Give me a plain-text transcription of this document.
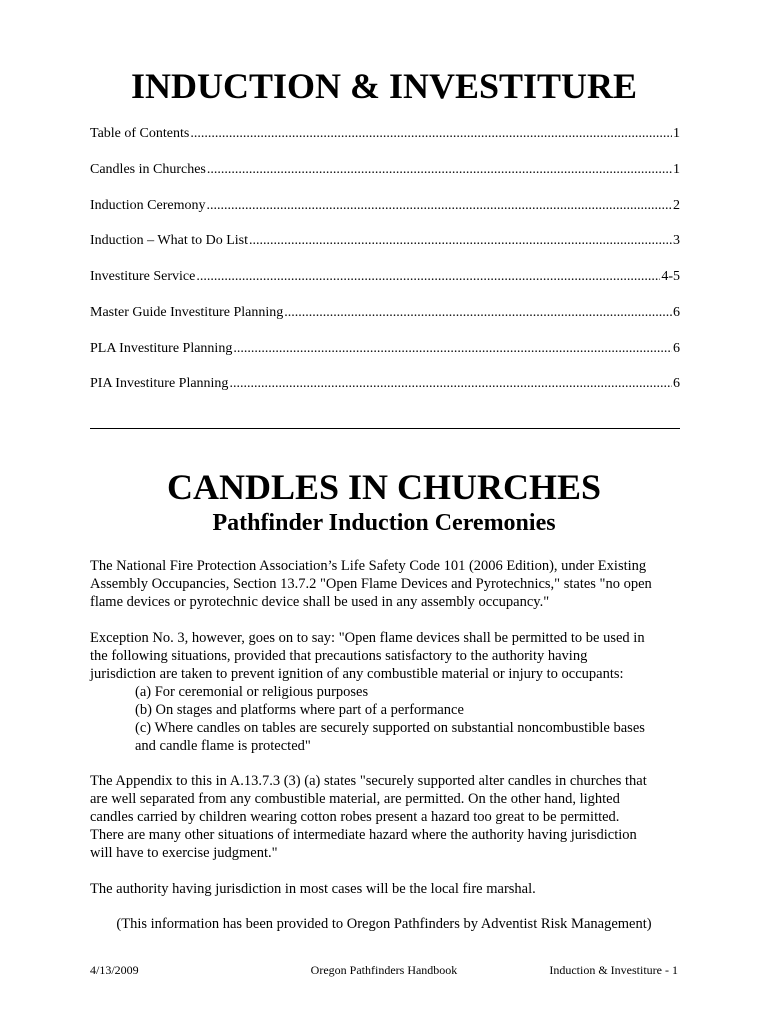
INDUCTION & INVESTITURE
Table of Contents .....	1
Candles in Churches .....	1
Induction Ceremony .....	2
Induction – What to Do List .....	3
Investiture Service .....	4-5
Master Guide Investiture Planning .....	6
PLA Investiture Planning .....	6
PIA Investiture Planning .....	6
CANDLES IN CHURCHES
Pathfinder Induction Ceremonies
The National Fire Protection Association’s Life Safety Code 101 (2006 Edition), under Existing
Assembly Occupancies, Section 13.7.2 "Open Flame Devices and Pyrotechnics," states "no open
flame devices or pyrotechnic device shall be used in any assembly occupancy."
Exception No. 3, however, goes on to say: "Open flame devices shall be permitted to be used in
the following situations, provided that precautions satisfactory to the authority having
jurisdiction are taken to prevent ignition of any combustible material or injury to occupants:
(a) For ceremonial or religious purposes
(b) On stages and platforms where part of a performance
(c) Where candles on tables are securely supported on substantial noncombustible bases
and candle flame is protected"
The Appendix to this in A.13.7.3 (3) (a) states "securely supported alter candles in churches that
are well separated from any combustible material, are permitted. On the other hand, lighted
candles carried by children wearing cotton robes present a hazard too great to be permitted.
There are many other situations of intermediate hazard where the authority having jurisdiction
will have to exercise judgment."
The authority having jurisdiction in most cases will be the local fire marshal.
(This information has been provided to Oregon Pathfinders by Adventist Risk Management)
4/13/2009	Oregon Pathfinders Handbook	Induction & Investiture - 1
